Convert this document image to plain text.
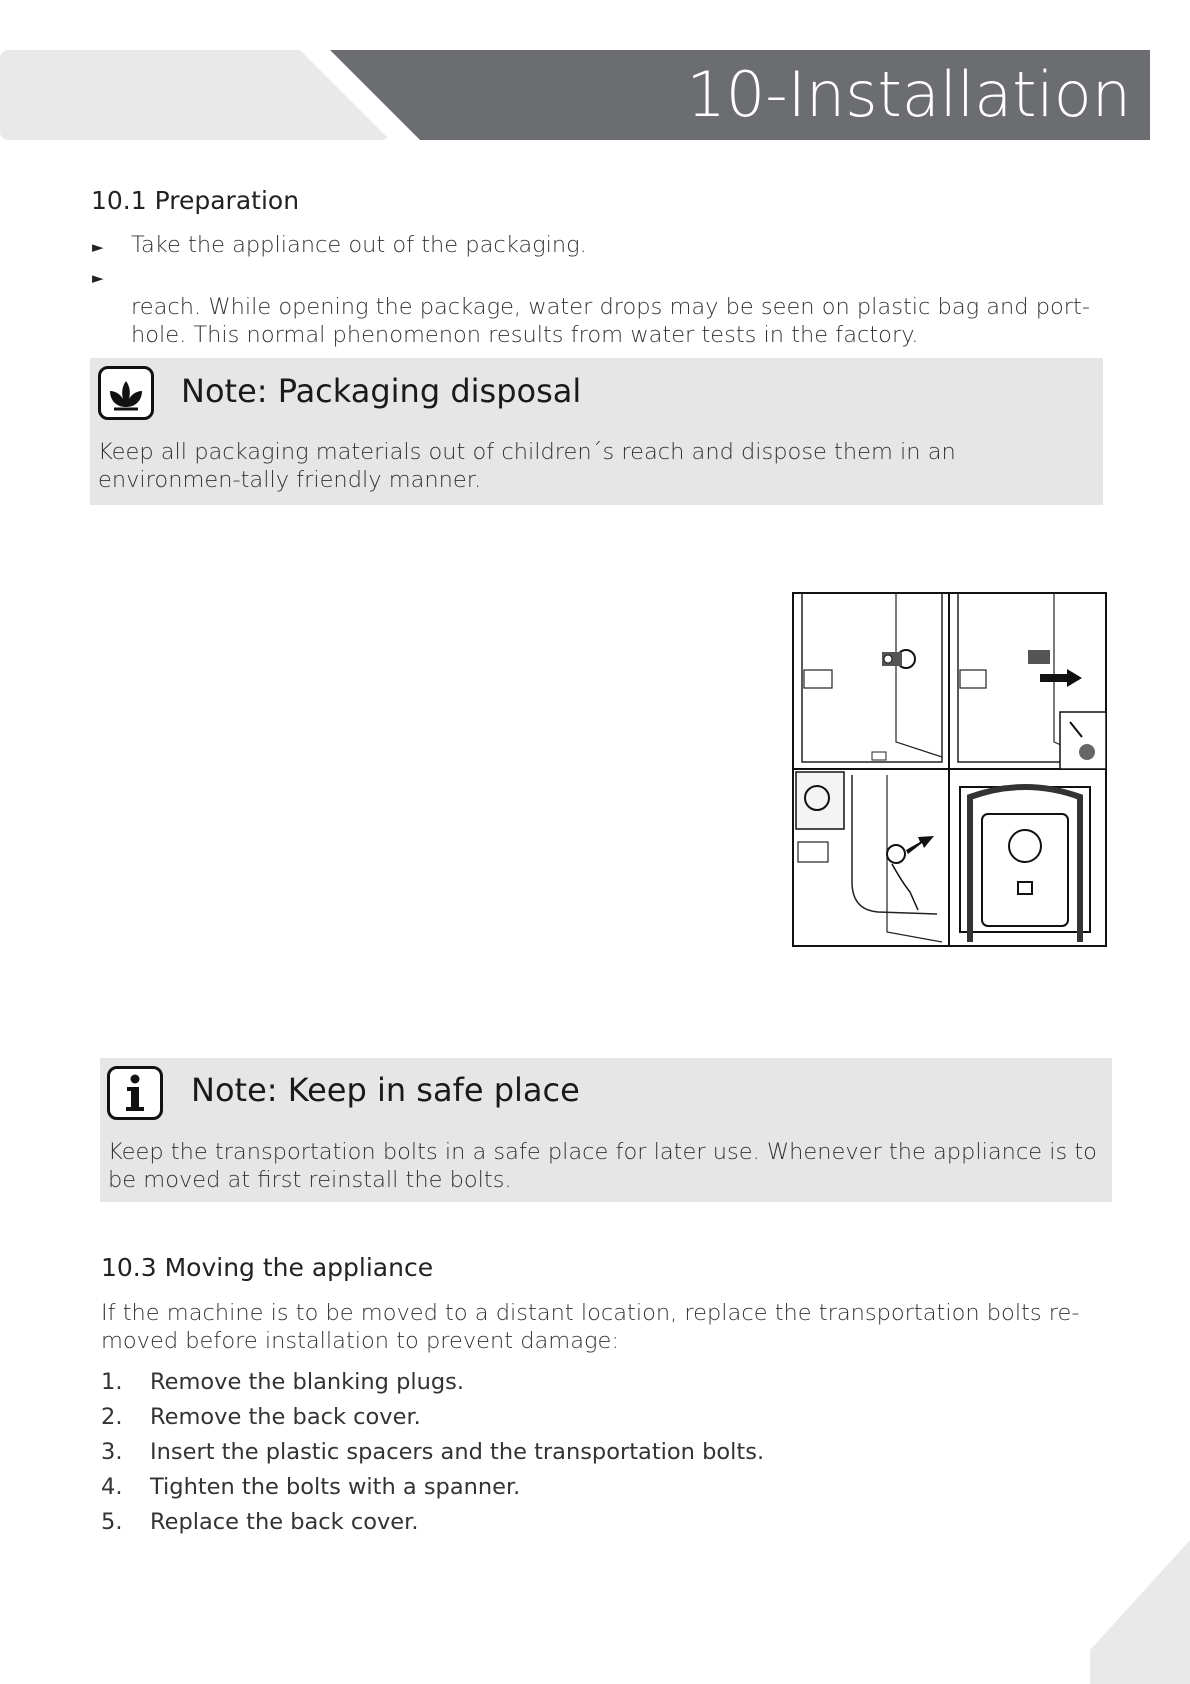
10-Installation
10.1 Preparation
► Take the appliance out of the packaging.
►
reach. While opening the package, water drops may be seen on plastic bag and port-hole. This normal phenomenon results from water tests in the factory.
Note: Packaging disposal
Keep all packaging materials out of children´s reach and dispose them in an environmen-tally friendly manner.
Note: Keep in safe place
Keep the transportation bolts in a safe place for later use. Whenever the appliance is to be moved at first reinstall the bolts.
10.3 Moving the appliance
If the machine is to be moved to a distant location, replace the transportation bolts re-moved before installation to prevent damage:
1.	Remove the blanking plugs.
2.	Remove the back cover.
3.	Insert the plastic spacers and the transportation bolts.
4.	Tighten the bolts with a spanner.
5.	Replace the back cover.
